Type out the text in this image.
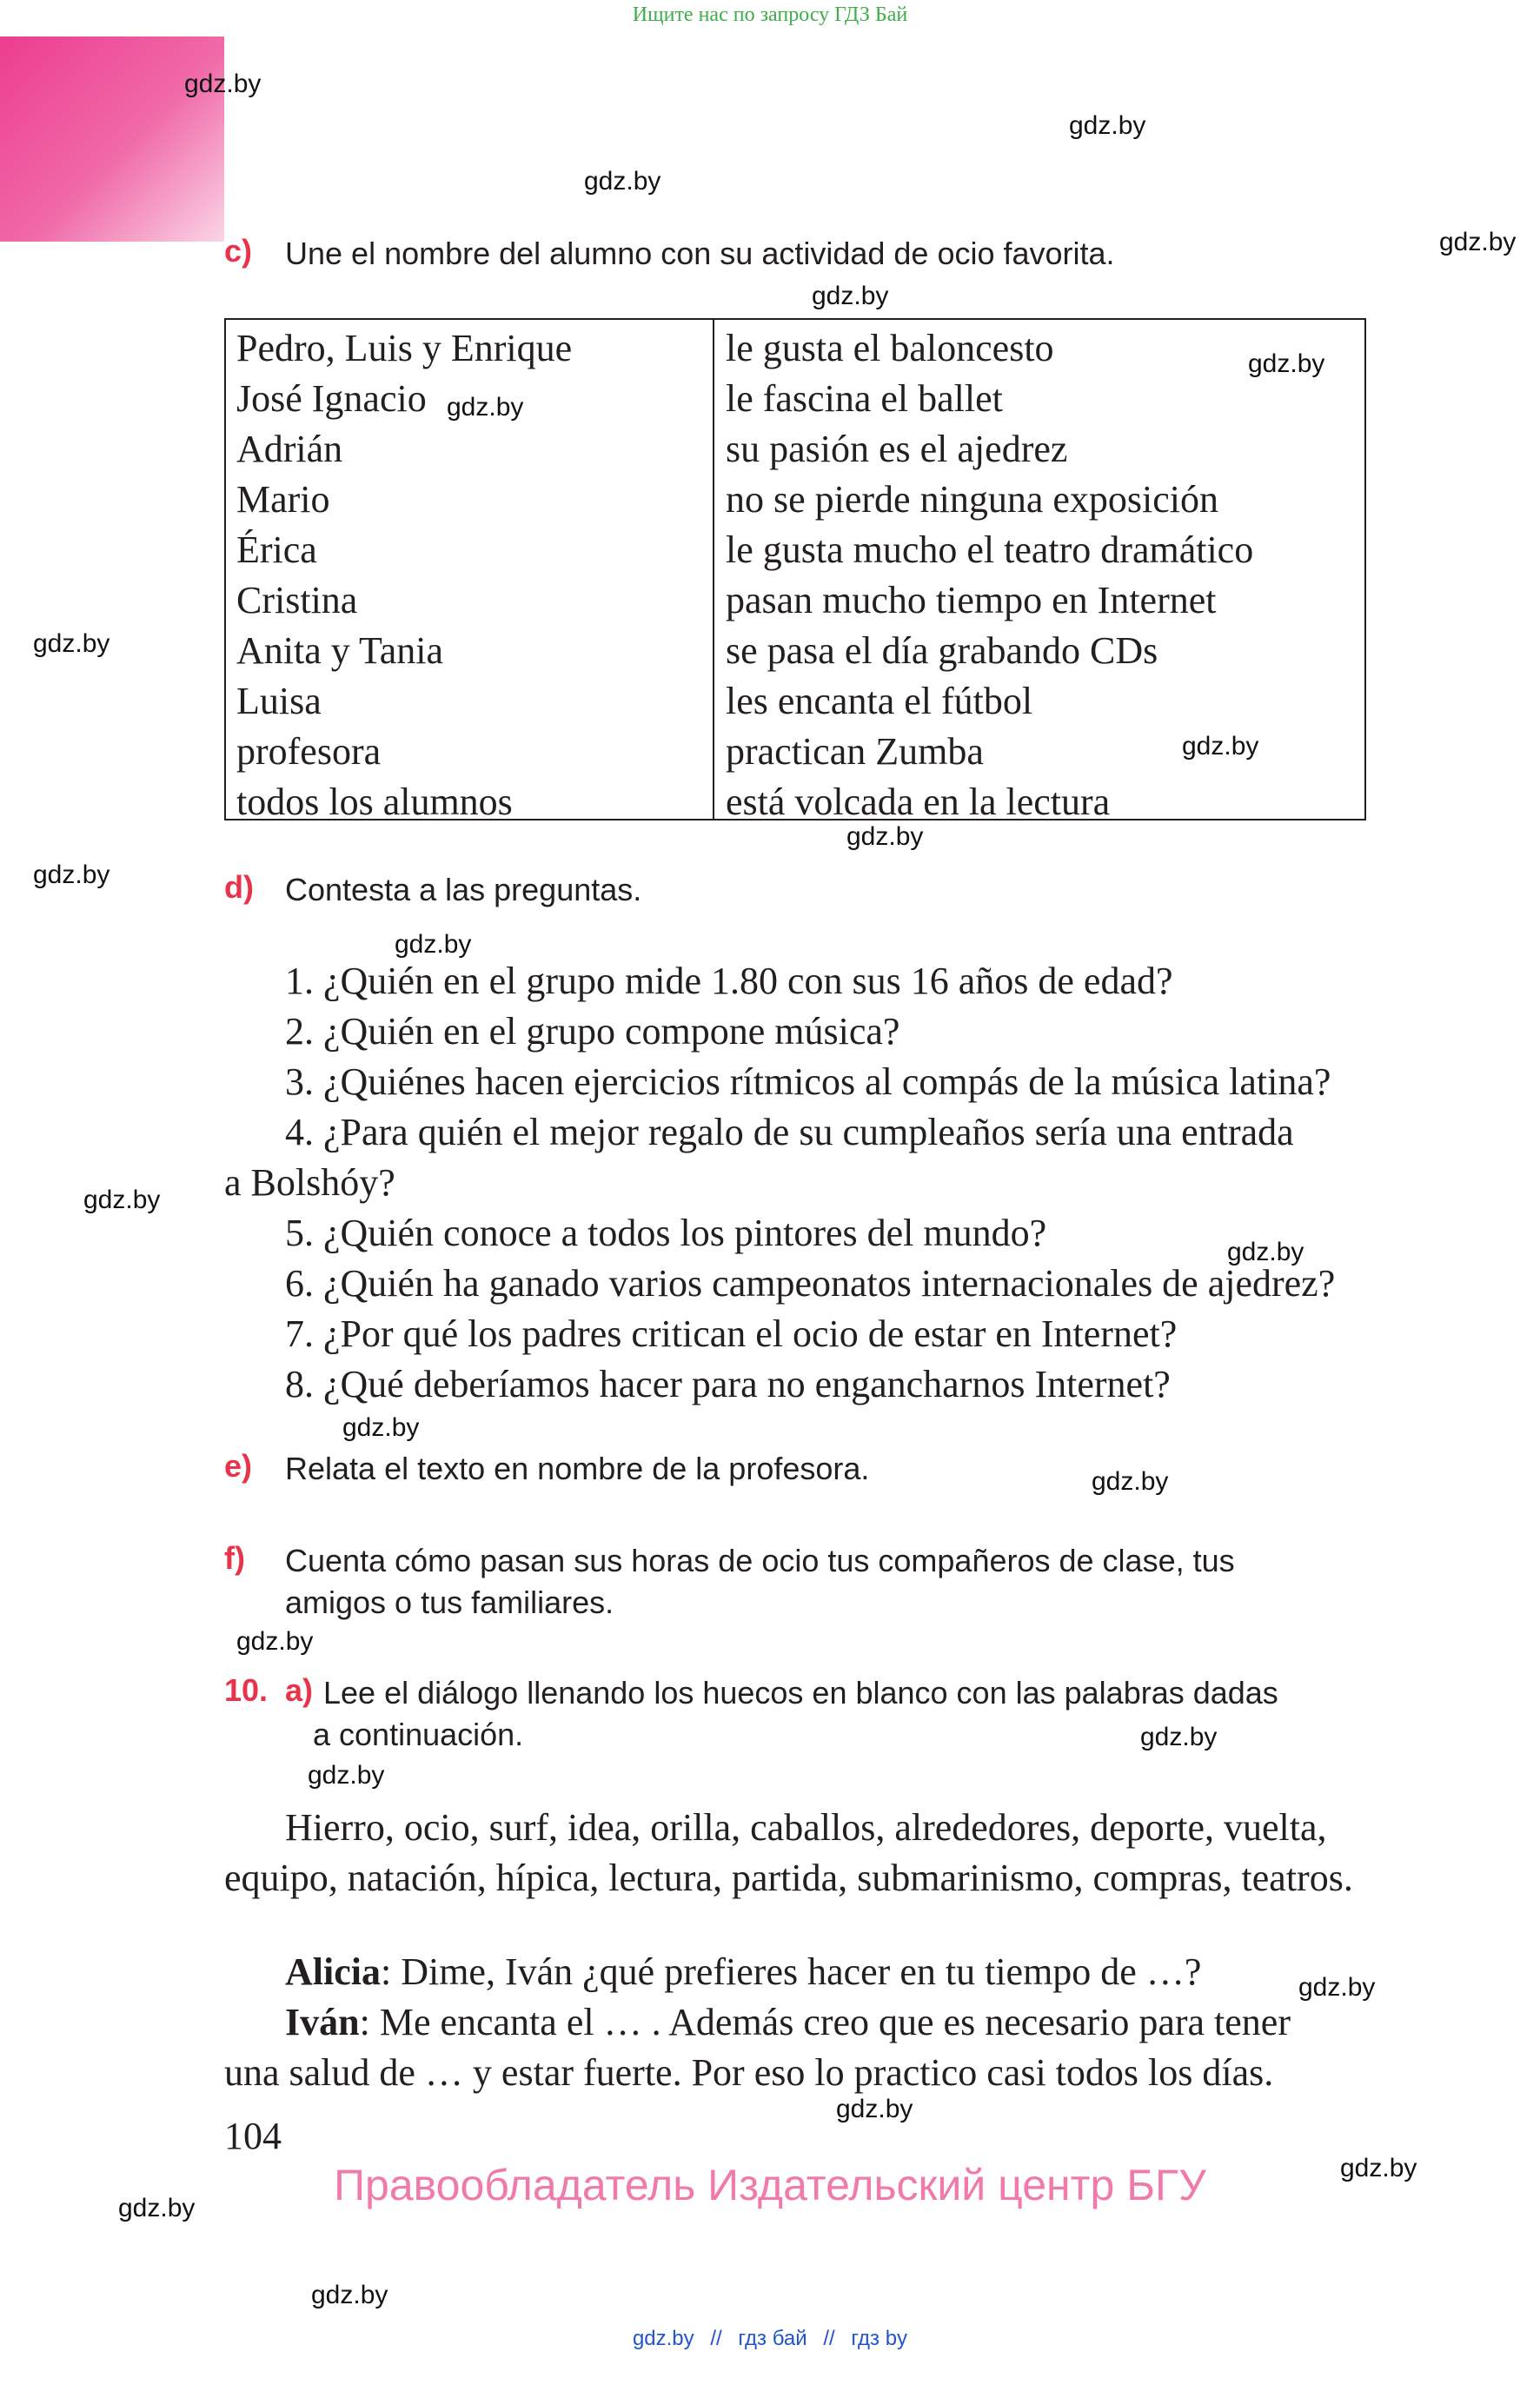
Ищите нас по запросу ГДЗ Бай
gdz.by
gdz.by
gdz.by
gdz.by
gdz.by
gdz.by
gdz.by
gdz.by
gdz.by
gdz.by
gdz.by
gdz.by
gdz.by
gdz.by
gdz.by
gdz.by
gdz.by
gdz.by
gdz.by
gdz.by
gdz.by
gdz.by
gdz.by
gdz.by
c) Une el nombre del alumno con su actividad de ocio favorita.
Pedro, Luis y Enrique
José Ignacio
Adrián
Mario
Érica
Cristina
Anita y Tania
Luisa
profesora
todos los alumnos
le gusta el baloncesto
le fascina el ballet
su pasión es el ajedrez
no se pierde ninguna exposición
le gusta mucho el teatro dramático
pasan mucho tiempo en Internet
se pasa el día grabando CDs
les encanta el fútbol
practican Zumba
está volcada en la lectura
d) Contesta a las preguntas.
1. ¿Quién en el grupo mide 1.80 con sus 16 años de edad?
2. ¿Quién en el grupo compone música?
3. ¿Quiénes hacen ejercicios rítmicos al compás de la música latina?
4. ¿Para quién el mejor regalo de su cumpleaños sería una entrada
a Bolshóy?
5. ¿Quién conoce a todos los pintores del mundo?
6. ¿Quién ha ganado varios campeonatos internacionales de ajedrez?
7. ¿Por qué los padres critican el ocio de estar en Internet?
8. ¿Qué deberíamos hacer para no engancharnos Internet?
e) Relata el texto en nombre de la profesora.
f) Cuenta cómo pasan sus horas de ocio tus compañeros de clase, tus
amigos o tus familiares.
10. a) Lee el diálogo llenando los huecos en blanco con las palabras dadas
a continuación.
Hierro, ocio, surf, idea, orilla, caballos, alrededores, deporte, vuelta,
equipo, natación, hípica, lectura, partida, submarinismo, compras, teatros.
Alicia: Dime, Iván ¿qué prefieres hacer en tu tiempo de …?
Iván: Me encanta el … . Además creo que es necesario para tener
una salud de … y estar fuerte. Por eso lo practico casi todos los días.
104
Правообладатель Издательский центр БГУ
gdz.by // гдз бай // гдз by
